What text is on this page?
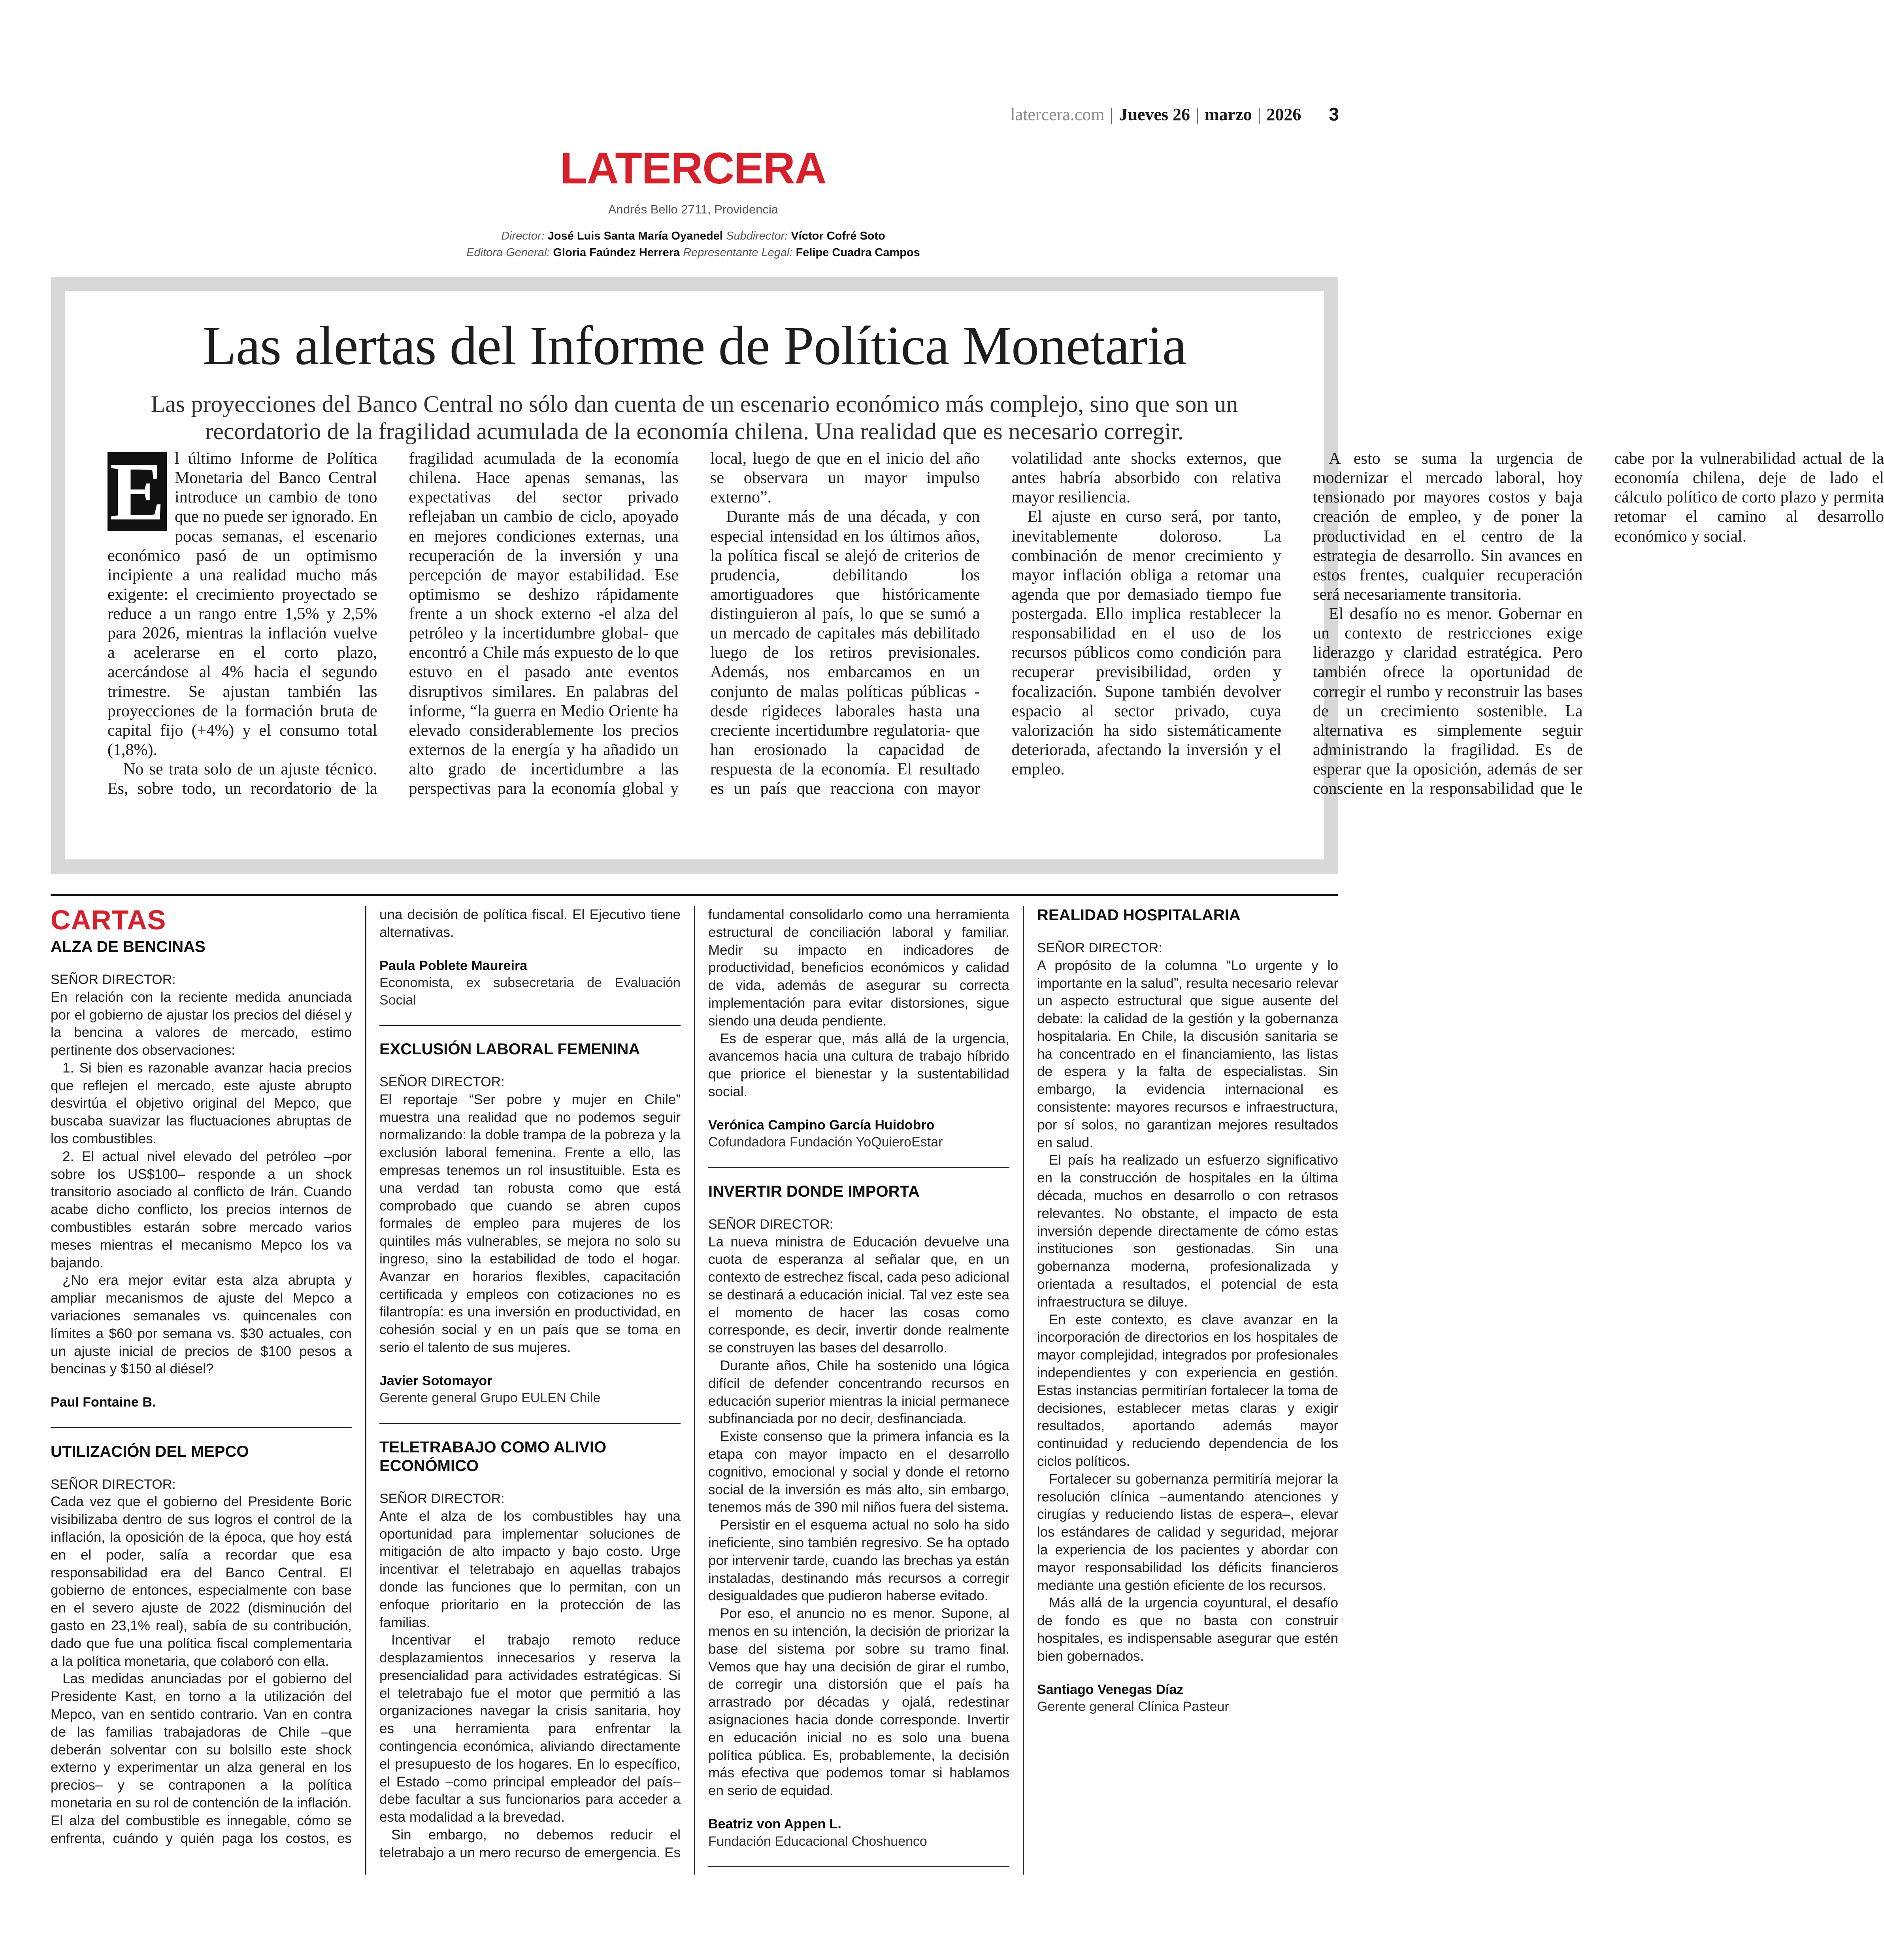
latercera.com | Jueves 26 | marzo | 2026 3
LATERCERA
Andrés Bello 2711, Providencia
Director: José Luis Santa María Oyanedel Subdirector: Víctor Cofré Soto
Editora General: Gloria Faúndez Herrera Representante Legal: Felipe Cuadra Campos
Las alertas del Informe de Política Monetaria
Las proyecciones del Banco Central no sólo dan cuenta de un escenario económico más complejo, sino que son un recordatorio de la fragilidad acumulada de la economía chilena. Una realidad que es necesario corregir.

E l último Informe de Política Monetaria del Banco Central introduce un cambio de tono que no puede ser ignorado. En pocas semanas, el escenario económico pasó de un optimismo incipiente a una realidad mucho más exigente: el crecimiento proyectado se reduce a un rango entre 1,5% y 2,5% para 2026, mientras la inflación vuelve a acelerarse en el corto plazo, acercándose al 4% hacia el segundo trimestre. Se ajustan también las proyecciones de la formación bruta de capital fijo (+4%) y el consumo total (1,8%).

No se trata solo de un ajuste técnico. Es, sobre todo, un recordatorio de la fragilidad acumulada de la economía chilena. Hace apenas semanas, las expectativas del sector privado reflejaban un cambio de ciclo, apoyado en mejores condiciones externas, una recuperación de la inversión y una percepción de mayor estabilidad. Ese optimismo se deshizo rápidamente frente a un shock externo -el alza del petróleo y la incertidumbre global- que encontró a Chile más expuesto de lo que estuvo en el pasado ante eventos disruptivos similares. En palabras del informe, “la guerra en Medio Oriente ha elevado considerablemente los precios externos de la energía y ha añadido un alto grado de incertidumbre a las perspectivas para la economía global y local, luego de que en el inicio del año se observara un mayor impulso externo”.

Durante más de una década, y con especial intensidad en los últimos años, la política fiscal se alejó de criterios de prudencia, debilitando los amortiguadores que históricamente distinguieron al país, lo que se sumó a un mercado de capitales más debilitado luego de los retiros previsionales. Además, nos embarcamos en un conjunto de malas políticas públicas -desde rigideces laborales hasta una creciente incertidumbre regulatoria- que han erosionado la capacidad de respuesta de la economía. El resultado es un país que reacciona con mayor volatilidad ante shocks externos, que antes habría absorbido con relativa mayor resiliencia.

El ajuste en curso será, por tanto, inevitablemente doloroso. La combinación de menor crecimiento y mayor inflación obliga a retomar una agenda que por demasiado tiempo fue postergada. Ello implica restablecer la responsabilidad en el uso de los recursos públicos como condición para recuperar previsibilidad, orden y focalización. Supone también devolver espacio al sector privado, cuya valorización ha sido sistemáticamente deteriorada, afectando la inversión y el empleo.

A esto se suma la urgencia de modernizar el mercado laboral, hoy tensionado por mayores costos y baja creación de empleo, y de poner la productividad en el centro de la estrategia de desarrollo. Sin avances en estos frentes, cualquier recuperación será necesariamente transitoria.

El desafío no es menor. Gobernar en un contexto de restricciones exige liderazgo y claridad estratégica. Pero también ofrece la oportunidad de corregir el rumbo y reconstruir las bases de un crecimiento sostenible. La alternativa es simplemente seguir administrando la fragilidad. Es de esperar que la oposición, además de ser consciente en la responsabilidad que le cabe por la vulnerabilidad actual de la economía chilena, deje de lado el cálculo político de corto plazo y permita retomar el camino al desarrollo económico y social.

CARTAS
ALZA DE BENCINAS

SEÑOR DIRECTOR:

En relación con la reciente medida anunciada por el gobierno de ajustar los precios del diésel y la bencina a valores de mercado, estimo pertinente dos observaciones:

1. Si bien es razonable avanzar hacia precios que reflejen el mercado, este ajuste abrupto desvirtúa el objetivo original del Mepco, que buscaba suavizar las fluctuaciones abruptas de los combustibles.

2. El actual nivel elevado del petróleo –por sobre los US$100– responde a un shock transitorio asociado al conflicto de Irán. Cuando acabe dicho conflicto, los precios internos de combustibles estarán sobre mercado varios meses mientras el mecanismo Mepco los va bajando.

¿No era mejor evitar esta alza abrupta y ampliar mecanismos de ajuste del Mepco a variaciones semanales vs. quincenales con límites a $60 por semana vs. $30 actuales, con un ajuste inicial de precios de $100 pesos a bencinas y $150 al diésel?

Paul Fontaine B.

UTILIZACIÓN DEL MEPCO

SEÑOR DIRECTOR:

Cada vez que el gobierno del Presidente Boric visibilizaba dentro de sus logros el control de la inflación, la oposición de la época, que hoy está en el poder, salía a recordar que esa responsabilidad era del Banco Central. El gobierno de entonces, especialmente con base en el severo ajuste de 2022 (disminución del gasto en 23,1% real), sabía de su contribución, dado que fue una política fiscal complementaria a la política monetaria, que colaboró con ella.

Las medidas anunciadas por el gobierno del Presidente Kast, en torno a la utilización del Mepco, van en sentido contrario. Van en contra de las familias trabajadoras de Chile –que deberán solventar con su bolsillo este shock externo y experimentar un alza general en los precios– y se contraponen a la política monetaria en su rol de contención de la inflación. El alza del combustible es innegable, cómo se enfrenta, cuándo y quién paga los costos, es una decisión de política fiscal. El Ejecutivo tiene alternativas.

Paula Poblete Maureira

Economista, ex subsecretaria de Evaluación Social

EXCLUSIÓN LABORAL FEMENINA

SEÑOR DIRECTOR:

El reportaje “Ser pobre y mujer en Chile” muestra una realidad que no podemos seguir normalizando: la doble trampa de la pobreza y la exclusión laboral femenina. Frente a ello, las empresas tenemos un rol insustituible. Esta es una verdad tan robusta como que está comprobado que cuando se abren cupos formales de empleo para mujeres de los quintiles más vulnerables, se mejora no solo su ingreso, sino la estabilidad de todo el hogar. Avanzar en horarios flexibles, capacitación certificada y empleos con cotizaciones no es filantropía: es una inversión en productividad, en cohesión social y en un país que se toma en serio el talento de sus mujeres.

Javier Sotomayor

Gerente general Grupo EULEN Chile

TELETRABAJO COMO ALIVIO ECONÓMICO

SEÑOR DIRECTOR:

Ante el alza de los combustibles hay una oportunidad para implementar soluciones de mitigación de alto impacto y bajo costo. Urge incentivar el teletrabajo en aquellas trabajos donde las funciones que lo permitan, con un enfoque prioritario en la protección de las familias.

Incentivar el trabajo remoto reduce desplazamientos innecesarios y reserva la presencialidad para actividades estratégicas. Si el teletrabajo fue el motor que permitió a las organizaciones navegar la crisis sanitaria, hoy es una herramienta para enfrentar la contingencia económica, aliviando directamente el presupuesto de los hogares. En lo específico, el Estado –como principal empleador del país– debe facultar a sus funcionarios para acceder a esta modalidad a la brevedad.

Sin embargo, no debemos reducir el teletrabajo a un mero recurso de emergencia. Es fundamental consolidarlo como una herramienta estructural de conciliación laboral y familiar. Medir su impacto en indicadores de productividad, beneficios económicos y calidad de vida, además de asegurar su correcta implementación para evitar distorsiones, sigue siendo una deuda pendiente.

Es de esperar que, más allá de la urgencia, avancemos hacia una cultura de trabajo híbrido que priorice el bienestar y la sustentabilidad social.

Verónica Campino García Huidobro

Cofundadora Fundación YoQuieroEstar

INVERTIR DONDE IMPORTA

SEÑOR DIRECTOR:

La nueva ministra de Educación devuelve una cuota de esperanza al señalar que, en un contexto de estrechez fiscal, cada peso adicional se destinará a educación inicial. Tal vez este sea el momento de hacer las cosas como corresponde, es decir, invertir donde realmente se construyen las bases del desarrollo.

Durante años, Chile ha sostenido una lógica difícil de defender concentrando recursos en educación superior mientras la inicial permanece subfinanciada por no decir, desfinanciada.

Existe consenso que la primera infancia es la etapa con mayor impacto en el desarrollo cognitivo, emocional y social y donde el retorno social de la inversión es más alto, sin embargo, tenemos más de 390 mil niños fuera del sistema.

Persistir en el esquema actual no solo ha sido ineficiente, sino también regresivo. Se ha optado por intervenir tarde, cuando las brechas ya están instaladas, destinando más recursos a corregir desigualdades que pudieron haberse evitado.

Por eso, el anuncio no es menor. Supone, al menos en su intención, la decisión de priorizar la base del sistema por sobre su tramo final. Vemos que hay una decisión de girar el rumbo, de corregir una distorsión que el país ha arrastrado por décadas y ojalá, redestinar asignaciones hacia donde corresponde. Invertir en educación inicial no es solo una buena política pública. Es, probablemente, la decisión más efectiva que podemos tomar si hablamos en serio de equidad.

Beatriz von Appen L.

Fundación Educacional Choshuenco

REALIDAD HOSPITALARIA

SEÑOR DIRECTOR:

A propósito de la columna “Lo urgente y lo importante en la salud”, resulta necesario relevar un aspecto estructural que sigue ausente del debate: la calidad de la gestión y la gobernanza hospitalaria. En Chile, la discusión sanitaria se ha concentrado en el financiamiento, las listas de espera y la falta de especialistas. Sin embargo, la evidencia internacional es consistente: mayores recursos e infraestructura, por sí solos, no garantizan mejores resultados en salud.

El país ha realizado un esfuerzo significativo en la construcción de hospitales en la última década, muchos en desarrollo o con retrasos relevantes. No obstante, el impacto de esta inversión depende directamente de cómo estas instituciones son gestionadas. Sin una gobernanza moderna, profesionalizada y orientada a resultados, el potencial de esta infraestructura se diluye.

En este contexto, es clave avanzar en la incorporación de directorios en los hospitales de mayor complejidad, integrados por profesionales independientes y con experiencia en gestión. Estas instancias permitirían fortalecer la toma de decisiones, establecer metas claras y exigir resultados, aportando además mayor continuidad y reduciendo dependencia de los ciclos políticos.

Fortalecer su gobernanza permitiría mejorar la resolución clínica –aumentando atenciones y cirugías y reduciendo listas de espera–, elevar los estándares de calidad y seguridad, mejorar la experiencia de los pacientes y abordar con mayor responsabilidad los déficits financieros mediante una gestión eficiente de los recursos.

Más allá de la urgencia coyuntural, el desafío de fondo es que no basta con construir hospitales, es indispensable asegurar que estén bien gobernados.

Santiago Venegas Díaz

Gerente general Clínica Pasteur
